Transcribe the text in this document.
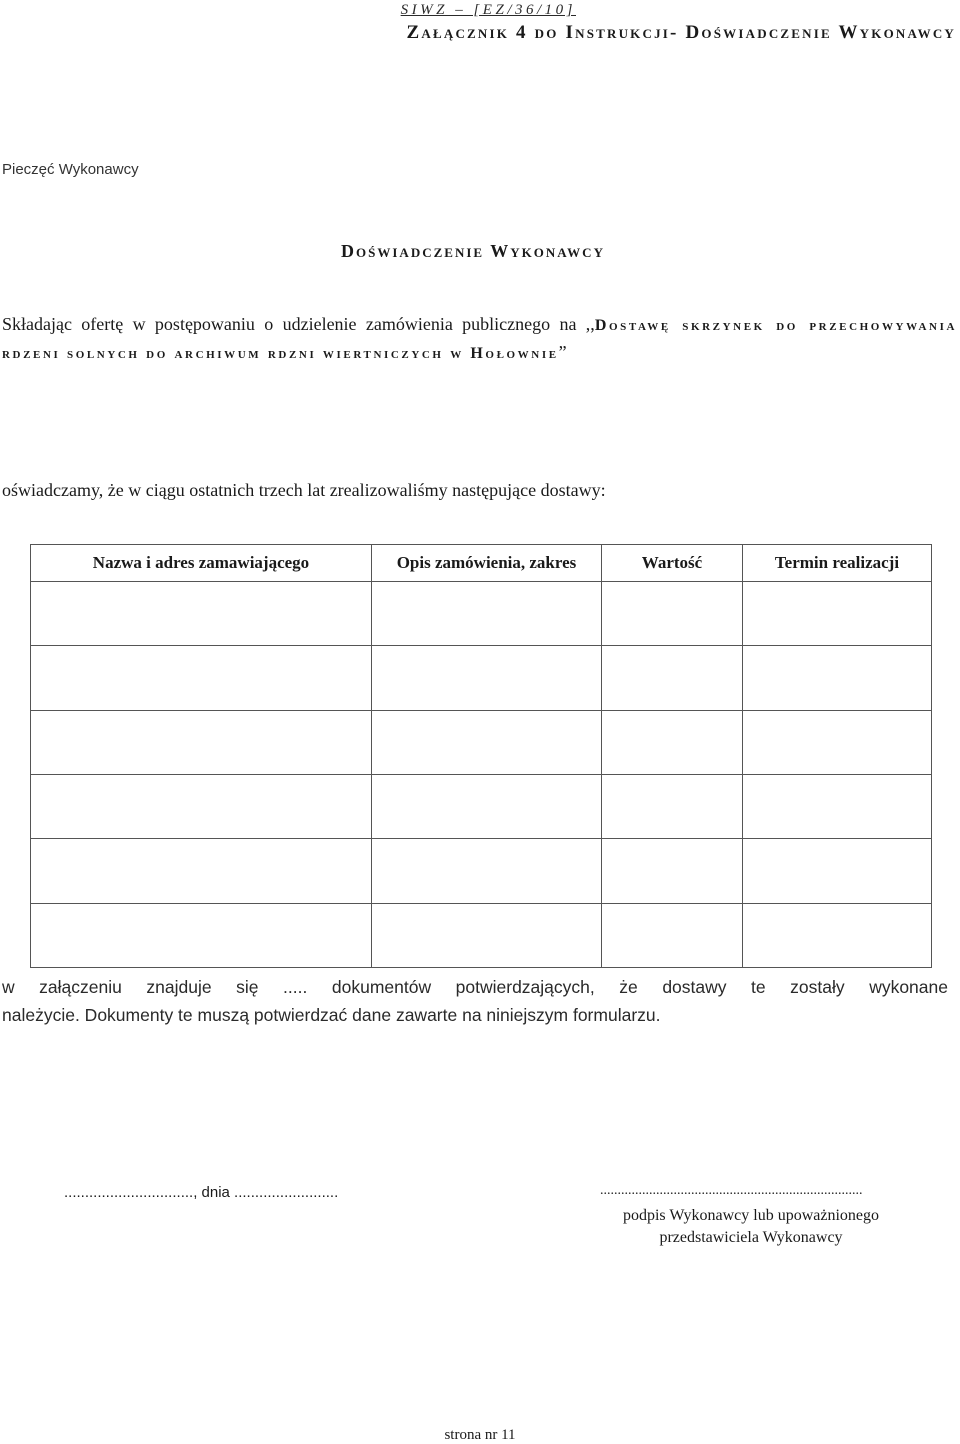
SIWZ – [EZ/36/10]
Załącznik 4 do Instrukcji- Doświadczenie Wykonawcy
Pieczęć Wykonawcy
Doświadczenie Wykonawcy
Składając ofertę w postępowaniu o udzielenie zamówienia publicznego na ,,Dostawę skrzynek do przechowywania rdzeni solnych do archiwum rdzni wiertniczych w Hołownie”
oświadczamy, że w ciągu ostatnich trzech lat zrealizowaliśmy następujące dostawy:
Nazwa i adres zamawiającego	Opis zamówienia, zakres	Wartość	Termin realizacji

w załączeniu znajduje się ..... dokumentów potwierdzających, że dostawy te zostały wykonane
należycie. Dokumenty te muszą potwierdzać dane zawarte na niniejszym formularzu.
..............................., dnia .........................	...........................................................................
podpis Wykonawcy lub upoważnionego
przedstawiciela Wykonawcy
strona nr 11
